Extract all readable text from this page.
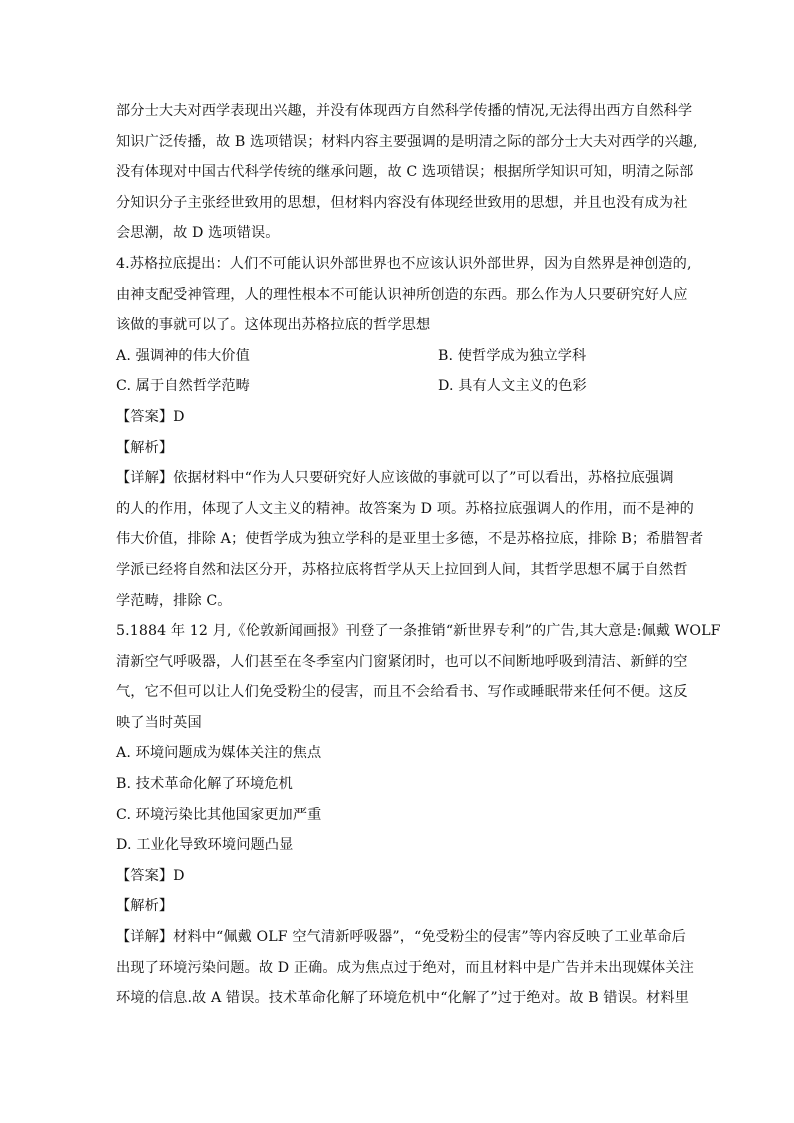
部分士大夫对西学表现出兴趣，并没有体现西方自然科学传播的情况,无法得出西方自然科学

知识广泛传播，故 B 选项错误；材料内容主要强调的是明清之际的部分士大夫对西学的兴趣,

没有体现对中国古代科学传统的继承问题，故 C 选项错误；根据所学知识可知，明清之际部

分知识分子主张经世致用的思想，但材料内容没有体现经世致用的思想，并且也没有成为社

会思潮，故 D 选项错误。

4.苏格拉底提出：人们不可能认识外部世界也不应该认识外部世界，因为自然界是神创造的,

由神支配受神管理，人的理性根本不可能认识神所创造的东西。那么作为人只要研究好人应

该做的事就可以了。这体现出苏格拉底的哲学思想

A. 强调神的伟大价值	B. 使哲学成为独立学科
C. 属于自然哲学范畴	D. 具有人文主义的色彩

【答案】D

【解析】

【详解】依据材料中“作为人只要研究好人应该做的事就可以了”可以看出，苏格拉底强调

的人的作用，体现了人文主义的精神。故答案为 D 项。苏格拉底强调人的作用，而不是神的

伟大价值，排除 A；使哲学成为独立学科的是亚里士多德，不是苏格拉底，排除 B；希腊智者

学派已经将自然和法区分开，苏格拉底将哲学从天上拉回到人间，其哲学思想不属于自然哲

学范畴，排除 C。

5.1884 年 12 月,《伦敦新闻画报》刊登了一条推销“新世界专利”的广告,其大意是:佩戴 WOLF

清新空气呼吸器，人们甚至在冬季室内门窗紧闭时，也可以不间断地呼吸到清洁、新鲜的空

气，它不但可以让人们免受粉尘的侵害，而且不会给看书、写作或睡眠带来任何不便。这反

映了当时英国

A. 环境问题成为媒体关注的焦点

B. 技术革命化解了环境危机

C. 环境污染比其他国家更加严重

D. 工业化导致环境问题凸显

【答案】D

【解析】

【详解】材料中“佩戴 OLF 空气清新呼吸器”，“免受粉尘的侵害”等内容反映了工业革命后

出现了环境污染问题。故 D 正确。成为焦点过于绝对，而且材料中是广告并未出现媒体关注

环境的信息.故 A 错误。技术革命化解了环境危机中“化解了”过于绝对。故 B 错误。材料里
